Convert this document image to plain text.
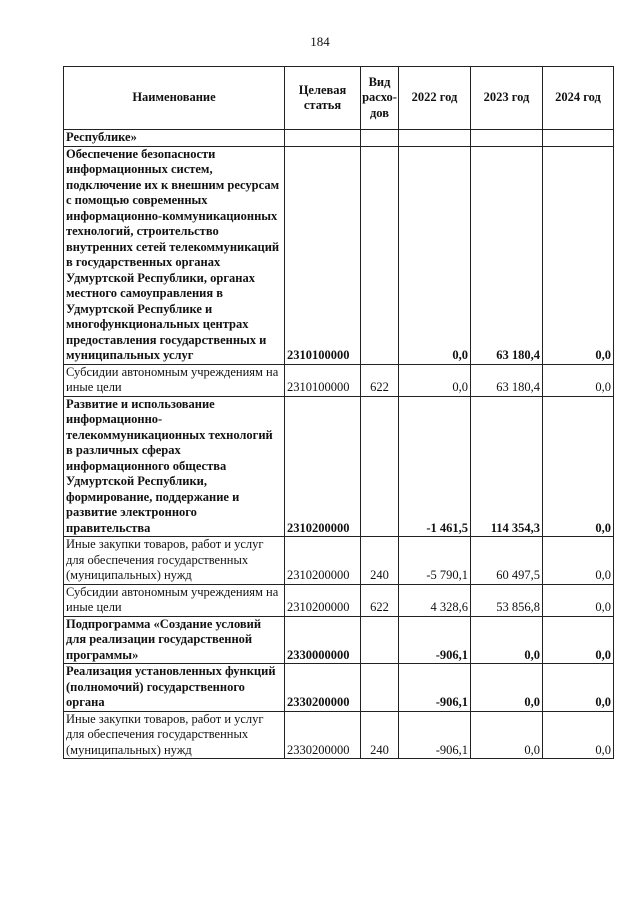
184
Наименование	Целевая статья	Вид расхо-дов	2022 год	2023 год	2024 год
Республике»					
Обеспечение безопасности информационных систем, подключение их к внешним ресурсам с помощью современных информационно-коммуникационных технологий, строительство внутренних сетей телекоммуникаций в государственных органах Удмуртской Республики, органах местного самоуправления в Удмуртской Республике и многофункциональных центрах предоставления государственных и муниципальных услуг	2310100000		0,0	63 180,4	0,0
Субсидии автономным учреждениям на иные цели	2310100000	622	0,0	63 180,4	0,0
Развитие и использование информационно-телекоммуникационных технологий в различных сферах информационного общества Удмуртской Республики, формирование, поддержание и развитие электронного правительства	2310200000		-1 461,5	114 354,3	0,0
Иные закупки товаров, работ и услуг для обеспечения государственных (муниципальных) нужд	2310200000	240	-5 790,1	60 497,5	0,0
Субсидии автономным учреждениям на иные цели	2310200000	622	4 328,6	53 856,8	0,0
Подпрограмма «Создание условий для реализации государственной программы»	2330000000		-906,1	0,0	0,0
Реализация установленных функций (полномочий) государственного органа	2330200000		-906,1	0,0	0,0
Иные закупки товаров, работ и услуг для обеспечения государственных (муниципальных) нужд	2330200000	240	-906,1	0,0	0,0
